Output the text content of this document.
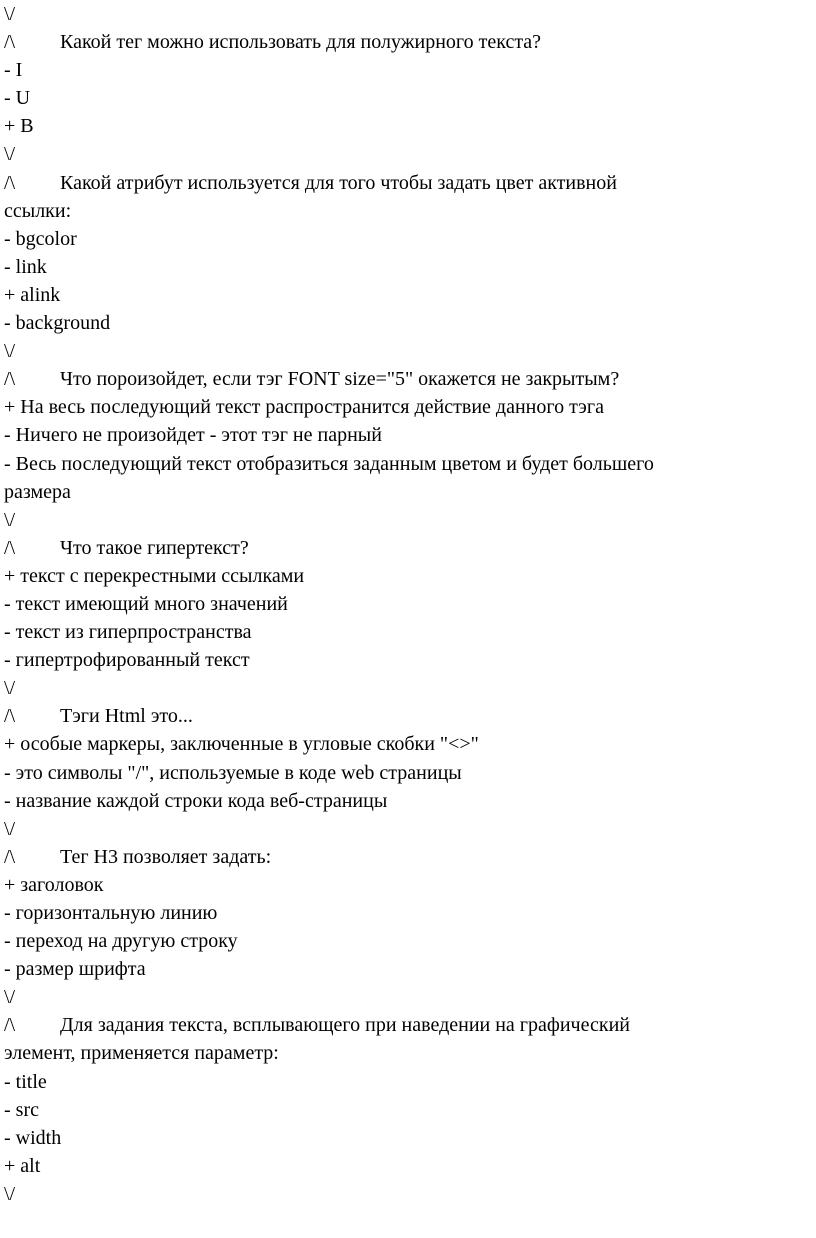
\/
/\	Какой тег можно использовать для полужирного текста?
- I
- U
+ B
\/
/\	Какой атрибут используется для того чтобы задать цвет активной
ссылки:
- bgcolor
- link
+ alink
- background
\/
/\	Что пороизойдет, если тэг FONT size="5" окажется не закрытым?
+ На весь последующий текст распространится действие данного тэга
- Ничего не произойдет - этот тэг не парный
- Весь последующий текст отобразиться заданным цветом и будет большего
размера
\/
/\	Что такое гипертекст?
+ текст с перекрестными ссылками
- текст имеющий много значений
- текст из гиперпространства
- гипертрофированный текст
\/
/\	Тэги Html это...
+ особые маркеры, заключенные в угловые скобки "<>"
- это символы "/", используемые в коде web страницы
- название каждой строки кода веб-страницы
\/
/\	Тег H3 позволяет задать:
+ заголовок
- горизонтальную линию
- переход на другую строку
- размер шрифта
\/
/\	Для задания текста, всплывающего при наведении на графический
элемент, применяется параметр:
- title
- src
- width
+ alt
\/
